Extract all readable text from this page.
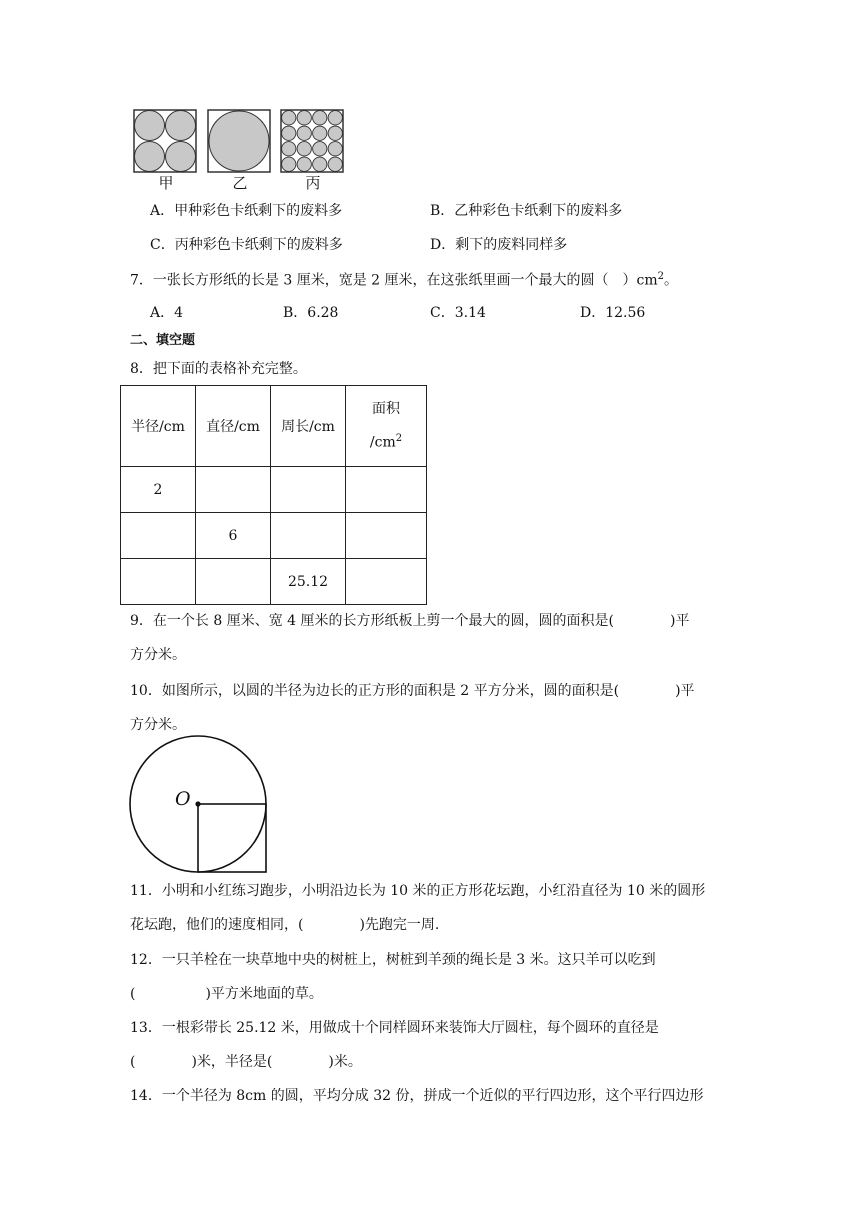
甲	乙	丙
A．甲种彩色卡纸剩下的废料多	B．乙种彩色卡纸剩下的废料多
C．丙种彩色卡纸剩下的废料多	D．剩下的废料同样多
7．一张长方形纸的长是 3 厘米，宽是 2 厘米，在这张纸里画一个最大的圆（　）$cm^2$。
A．4	B．6.28	C．3.14	D．12.56
二、填空题
8．把下面的表格补充完整。
半径/cm	直径/cm	周长/cm	面积
$/cm^2$
2			
	6		
		25.12	
9．在一个长 8 厘米、宽 4 厘米的长方形纸板上剪一个最大的圆，圆的面积是(　　　　)平
方分米。
10．如图所示，以圆的半径为边长的正方形的面积是 2 平方分米，圆的面积是(　　　　)平
方分米。
O
11．小明和小红练习跑步，小明沿边长为 10 米的正方形花坛跑，小红沿直径为 10 米的圆形
花坛跑，他们的速度相同，(　　　　)先跑完一周.
12．一只羊栓在一块草地中央的树桩上，树桩到羊颈的绳长是 3 米。这只羊可以吃到
(　　　　　)平方米地面的草。
13．一根彩带长 25.12 米，用做成十个同样圆环来装饰大厅圆柱，每个圆环的直径是
(　　　　)米，半径是(　　　　)米。
14．一个半径为 8cm 的圆，平均分成 32 份，拼成一个近似的平行四边形，这个平行四边形
